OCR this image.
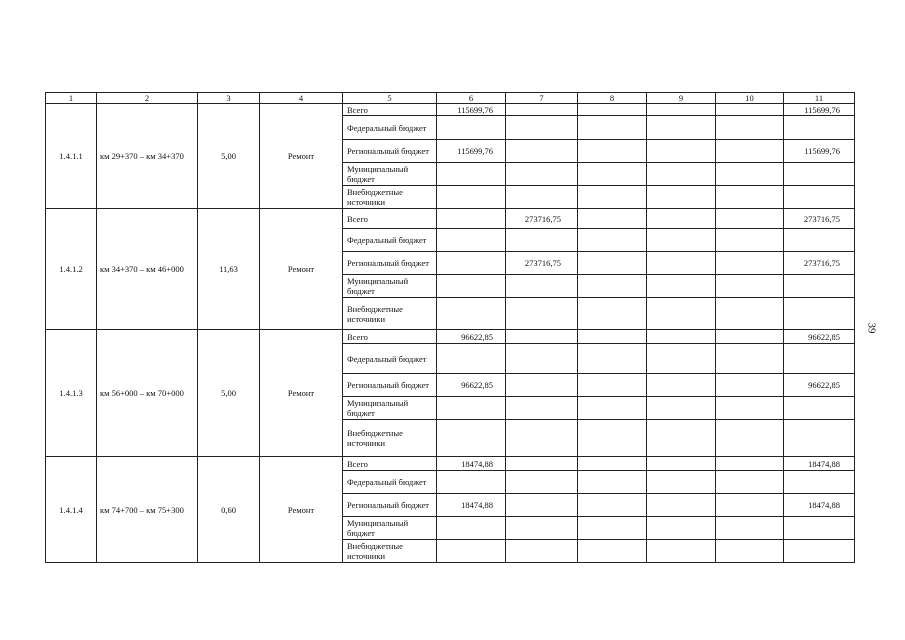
1	2	3	4	5	6	7	8	9	10	11
1.4.1.1	км 29+370 – км 34+370	5,00	Ремонт	Всего	115699,76					115699,76
				Федеральный бюджет						
				Региональный бюджет	115699,76					115699,76
				Муниципальный бюджет						
				Внебюджетные источники						
1.4.1.2	км 34+370 – км 46+000	11,63	Ремонт	Всего		273716,75				273716,75
				Федеральный бюджет						
				Региональный бюджет		273716,75				273716,75
				Муниципальный бюджет						
				Внебюджетные источники						
1.4.1.3	км 56+000 – км 70+000	5,00	Ремонт	Всего	96622,85					96622,85
				Федеральный бюджет						
				Региональный бюджет	96622,85					96622,85
				Муниципальный бюджет						
				Внебюджетные источники						
1.4.1.4	км 74+700 – км 75+300	0,60	Ремонт	Всего	18474,88					18474,88
				Федеральный бюджет						
				Региональный бюджет	18474,88					18474,88
				Муниципальный бюджет						
				Внебюджетные источники						
39
